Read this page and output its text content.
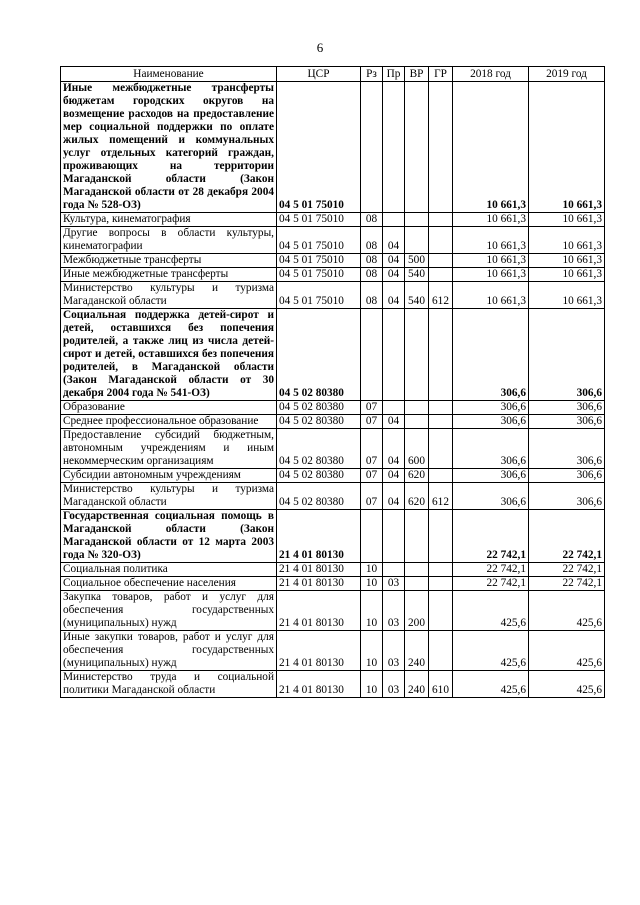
6
Наименование	ЦСР	Рз	Пр	ВР	ГР	2018 год	2019 год
Иные межбюджетные трансферты бюджетам городских округов на возмещение расходов на предоставление мер социальной поддержки по оплате жилых помещений и коммунальных услуг отдельных категорий граждан, проживающих на территории Магаданской области (Закон Магаданской области от 28 декабря 2004 года № 528-ОЗ)	04 5 01 75010					10 661,3	10 661,3
Культура, кинематография	04 5 01 75010	08				10 661,3	10 661,3
Другие вопросы в области культуры, кинематографии	04 5 01 75010	08	04			10 661,3	10 661,3
Межбюджетные трансферты	04 5 01 75010	08	04	500		10 661,3	10 661,3
Иные межбюджетные трансферты	04 5 01 75010	08	04	540		10 661,3	10 661,3
Министерство культуры и туризма Магаданской области	04 5 01 75010	08	04	540	612	10 661,3	10 661,3
Социальная поддержка детей-сирот и детей, оставшихся без попечения родителей, а также лиц из числа детей-сирот и детей, оставшихся без попечения родителей, в Магаданской области (Закон Магаданской области от 30 декабря 2004 года № 541-ОЗ)	04 5 02 80380					306,6	306,6
Образование	04 5 02 80380	07				306,6	306,6
Среднее профессиональное образование	04 5 02 80380	07	04			306,6	306,6
Предоставление субсидий бюджетным, автономным учреждениям и иным некоммерческим организациям	04 5 02 80380	07	04	600		306,6	306,6
Субсидии автономным учреждениям	04 5 02 80380	07	04	620		306,6	306,6
Министерство культуры и туризма Магаданской области	04 5 02 80380	07	04	620	612	306,6	306,6
Государственная социальная помощь в Магаданской области (Закон Магаданской области от 12 марта 2003 года № 320-ОЗ)	21 4 01 80130					22 742,1	22 742,1
Социальная политика	21 4 01 80130	10				22 742,1	22 742,1
Социальное обеспечение населения	21 4 01 80130	10	03			22 742,1	22 742,1
Закупка товаров, работ и услуг для обеспечения государственных (муниципальных) нужд	21 4 01 80130	10	03	200		425,6	425,6
Иные закупки товаров, работ и услуг для обеспечения государственных (муниципальных) нужд	21 4 01 80130	10	03	240		425,6	425,6
Министерство труда и социальной политики Магаданской области	21 4 01 80130	10	03	240	610	425,6	425,6
